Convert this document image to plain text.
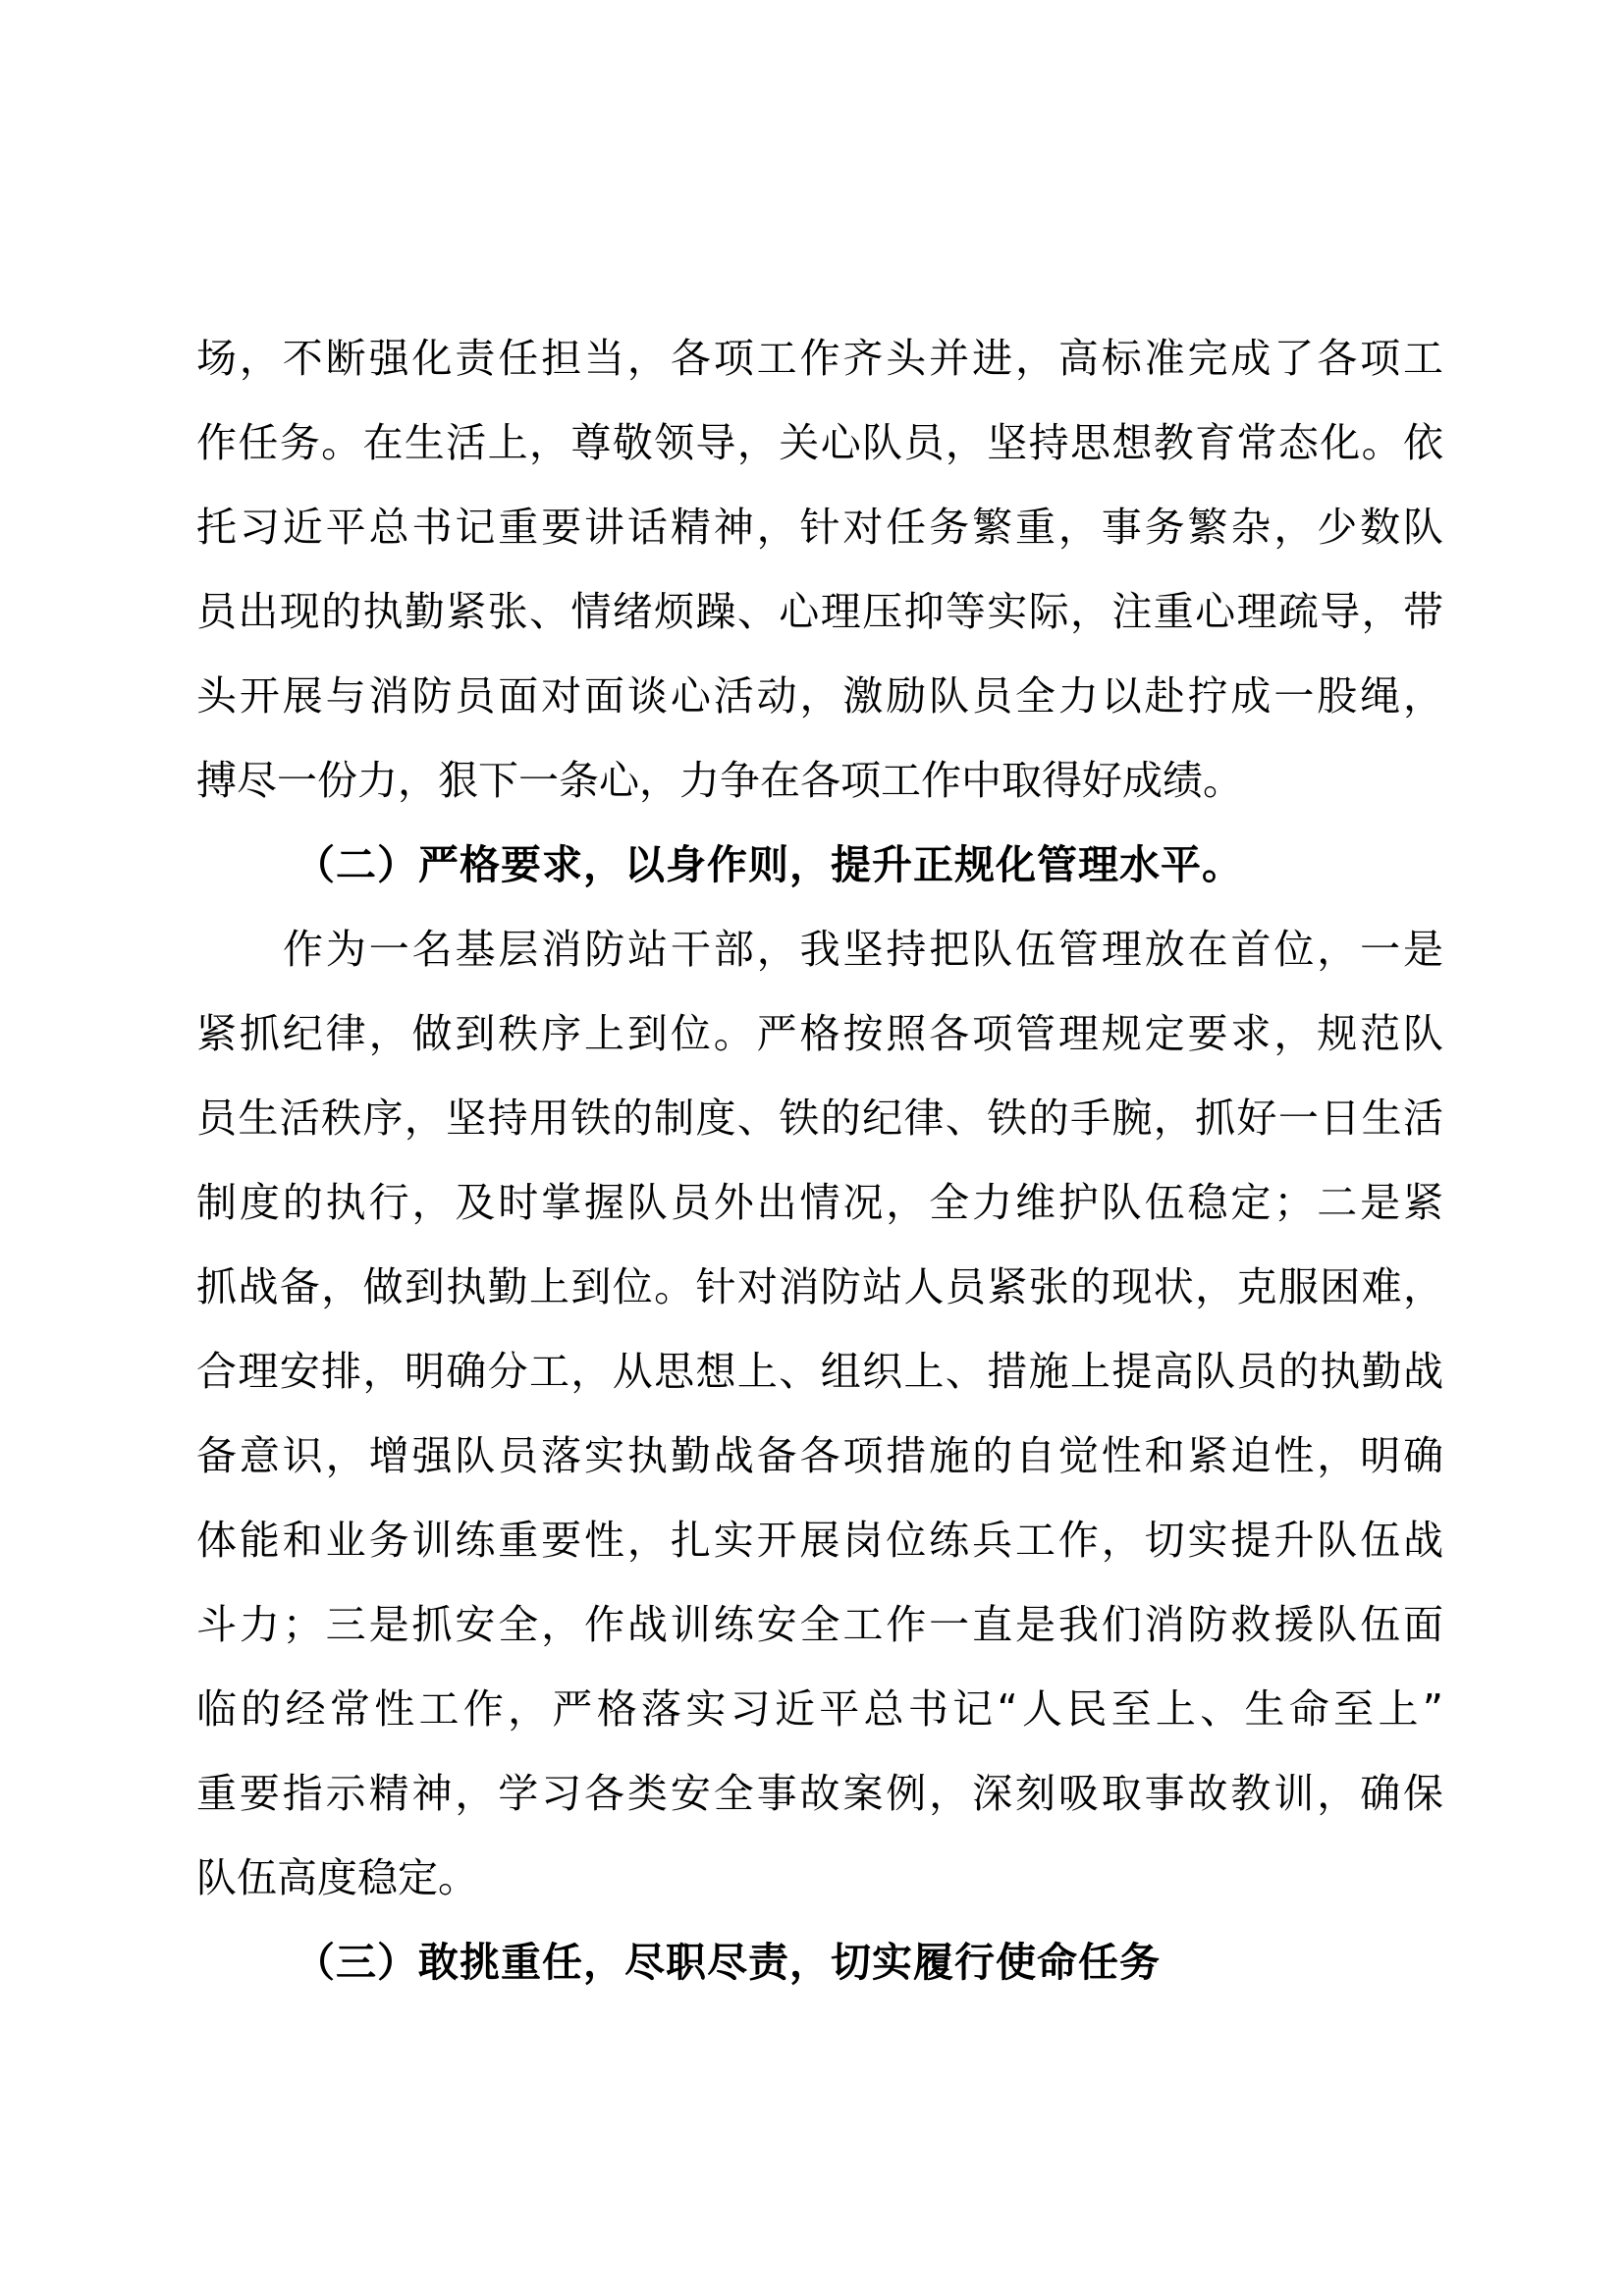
场，不断强化责任担当，各项工作齐头并进，高标准完成了各项工
作任务。在生活上，尊敬领导，关心队员，坚持思想教育常态化。依
托习近平总书记重要讲话精神，针对任务繁重，事务繁杂，少数队
员出现的执勤紧张、情绪烦躁、心理压抑等实际，注重心理疏导，带
头开展与消防员面对面谈心活动，激励队员全力以赴拧成一股绳，
搏尽一份力，狠下一条心，力争在各项工作中取得好成绩。
（二）严格要求，以身作则，提升正规化管理水平。
作为一名基层消防站干部，我坚持把队伍管理放在首位，一是
紧抓纪律，做到秩序上到位。严格按照各项管理规定要求，规范队
员生活秩序，坚持用铁的制度、铁的纪律、铁的手腕，抓好一日生活
制度的执行，及时掌握队员外出情况，全力维护队伍稳定；二是紧
抓战备，做到执勤上到位。针对消防站人员紧张的现状，克服困难，
合理安排，明确分工，从思想上、组织上、措施上提高队员的执勤战
备意识，增强队员落实执勤战备各项措施的自觉性和紧迫性，明确
体能和业务训练重要性，扎实开展岗位练兵工作，切实提升队伍战
斗力；三是抓安全，作战训练安全工作一直是我们消防救援队伍面
临的经常性工作，严格落实习近平总书记“人民至上、生命至上”
重要指示精神，学习各类安全事故案例，深刻吸取事故教训，确保
队伍高度稳定。
（三）敢挑重任，尽职尽责，切实履行使命任务
